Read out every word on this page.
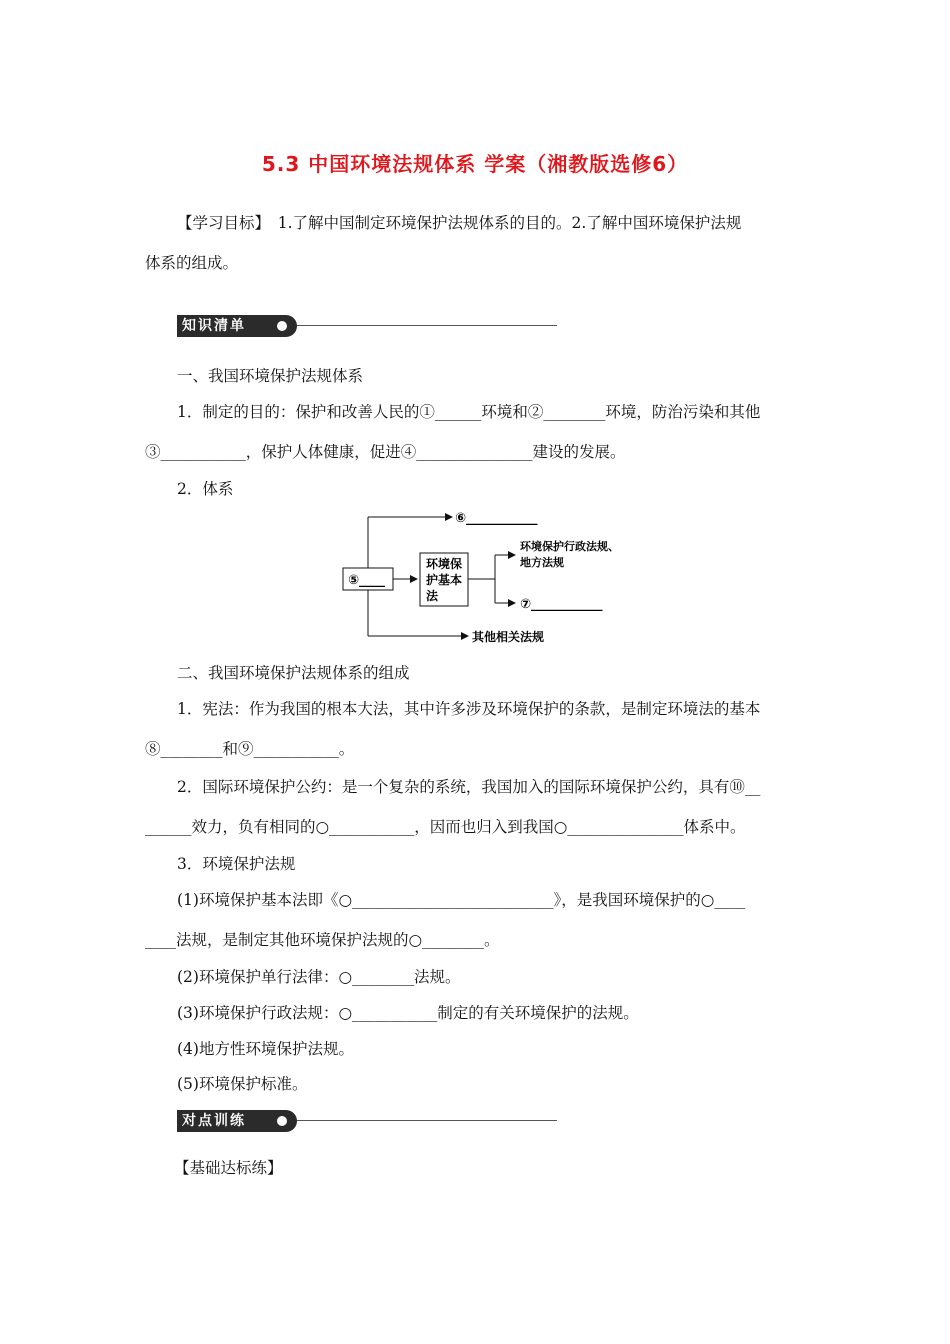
5.3 中国环境法规体系 学案（湘教版选修6）
【学习目标】　1.了解中国制定环境保护法规体系的目的。2.了解中国环境保护法规
体系的组成。
知识清单
一、我国环境保护法规体系
1．制定的目的：保护和改善人民的①______环境和②________环境，防治污染和其他
③___________，保护人体健康，促进④_______________建设的发展。
2．体系
⑤____
⑥___________
其他相关法规
环境保
护基本
法
环境保护行政法规、
地方法规
⑦___________
二、我国环境保护法规体系的组成
1．宪法：作为我国的根本大法，其中许多涉及环境保护的条款，是制定环境法的基本
⑧________和⑨___________。
2．国际环境保护公约：是一个复杂的系统，我国加入的国际环境保护公约，具有⑩__
______效力，负有相同的○___________，因而也归入到我国○_______________体系中。
3．环境保护法规
(1)环境保护基本法即《○__________________________》，是我国环境保护的○____
____法规，是制定其他环境保护法规的○________。
(2)环境保护单行法律：○________法规。
(3)环境保护行政法规：○___________制定的有关环境保护的法规。
(4)地方性环境保护法规。
(5)环境保护标准。
对点训练
【基础达标练】
